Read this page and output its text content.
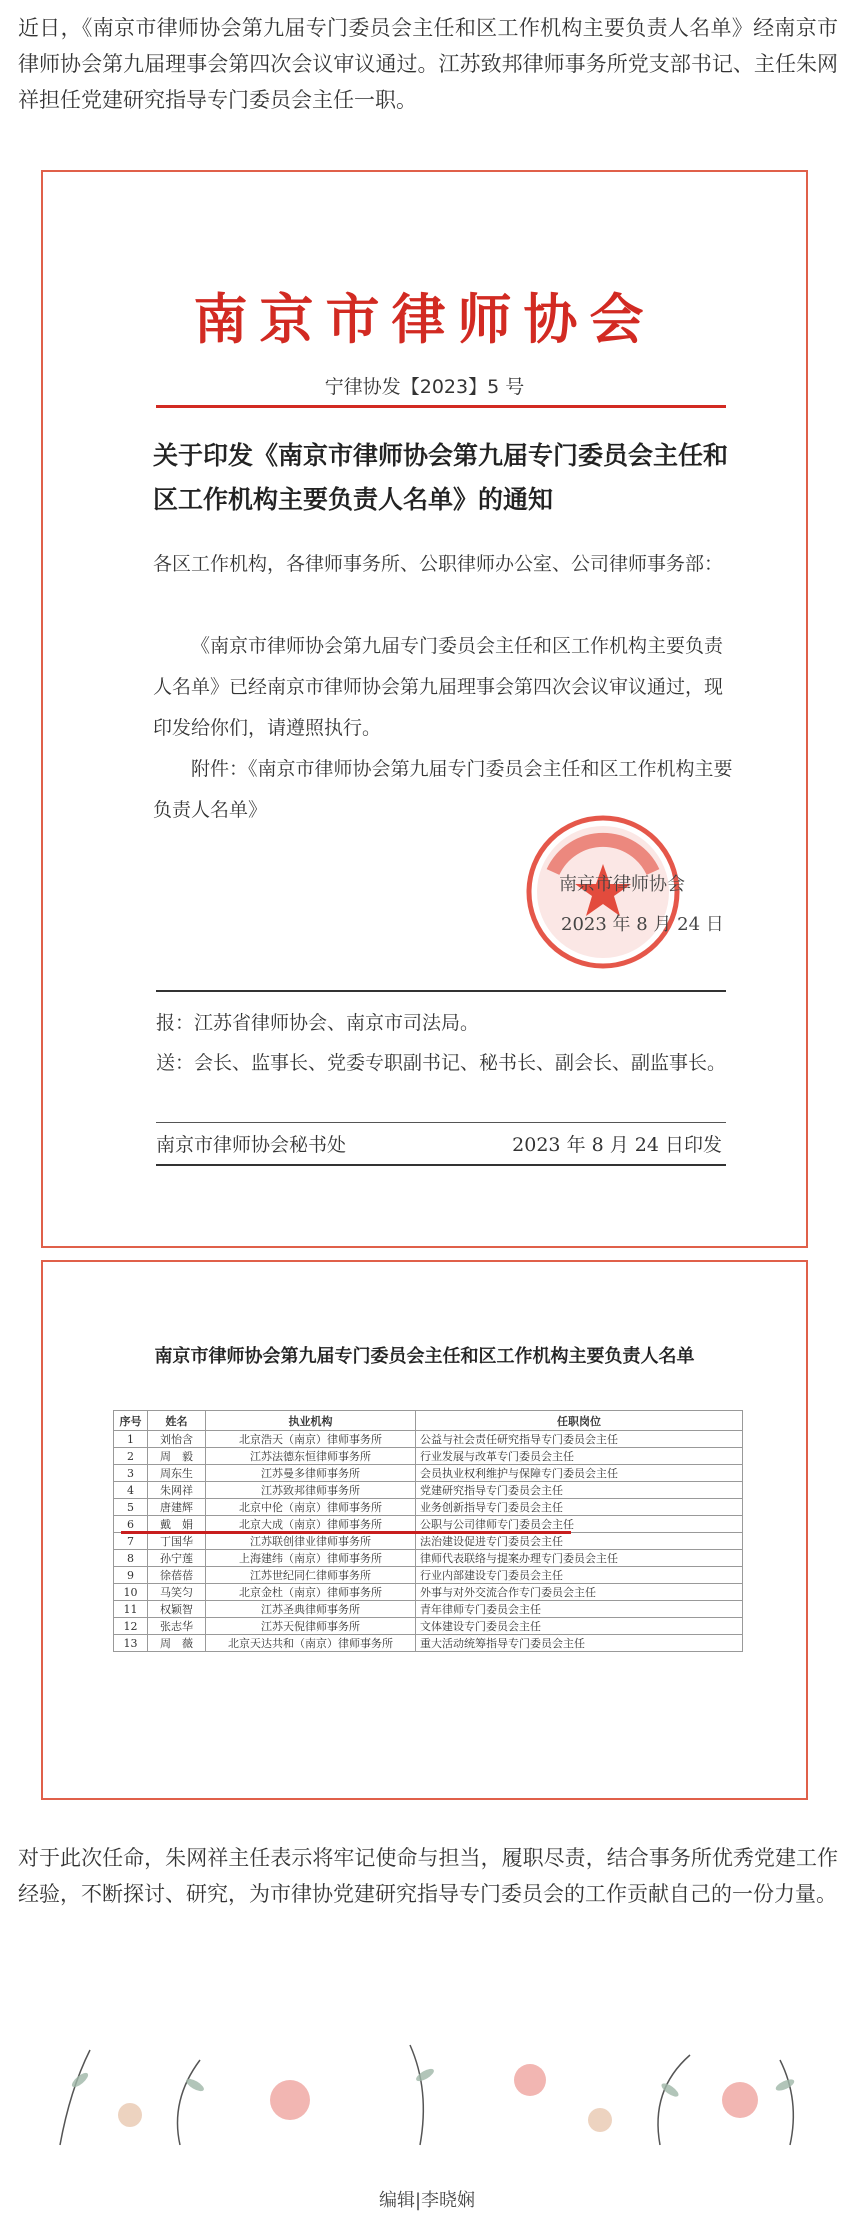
近日，《南京市律师协会第九届专门委员会主任和区工作机构主要负责人名单》经南京市律师协会第九届理事会第四次会议审议通过。江苏致邦律师事务所党支部书记、主任朱网祥担任党建研究指导专门委员会主任一职。

南京市律师协会
宁律协发【2023】5 号
关于印发《南京市律师协会第九届专门委员会主任和区工作机构主要负责人名单》的通知
各区工作机构，各律师事务所、公职律师办公室、公司律师事务部：
《南京市律师协会第九届专门委员会主任和区工作机构主要负责人名单》已经南京市律师协会第九届理事会第四次会议审议通过，现印发给你们，请遵照执行。
附件：《南京市律师协会第九届专门委员会主任和区工作机构主要负责人名单》
南京市律师协会
2023 年 8 月 24 日
报：江苏省律师协会、南京市司法局。
送：会长、监事长、党委专职副书记、秘书长、副会长、副监事长。
南京市律师协会秘书处	2023 年 8 月 24 日印发
南京市律师协会第九届专门委员会主任和区工作机构主要负责人名单
序号	姓名	执业机构	任职岗位
1	刘怡含	北京浩天（南京）律师事务所	公益与社会责任研究指导专门委员会主任
2	周　毅	江苏法德东恒律师事务所	行业发展与改革专门委员会主任
3	周东生	江苏曼多律师事务所	会员执业权利维护与保障专门委员会主任
4	朱网祥	江苏致邦律师事务所	党建研究指导专门委员会主任
5	唐建辉	北京中伦（南京）律师事务所	业务创新指导专门委员会主任
6	戴　娟	北京大成（南京）律师事务所	公职与公司律师专门委员会主任
7	丁国华	江苏联创律业律师事务所	法治建设促进专门委员会主任
8	孙宁莲	上海建纬（南京）律师事务所	律师代表联络与提案办理专门委员会主任
9	徐蓓蓓	江苏世纪同仁律师事务所	行业内部建设专门委员会主任
10	马笑匀	北京金杜（南京）律师事务所	外事与对外交流合作专门委员会主任
11	权颖智	江苏圣典律师事务所	青年律师专门委员会主任
12	张志华	江苏天倪律师事务所	文体建设专门委员会主任
13	周　薇	北京天达共和（南京）律师事务所	重大活动统筹指导专门委员会主任

对于此次任命，朱网祥主任表示将牢记使命与担当，履职尽责，结合事务所优秀党建工作经验，不断探讨、研究，为市律协党建研究指导专门委员会的工作贡献自己的一份力量。

编辑|李晓娴
